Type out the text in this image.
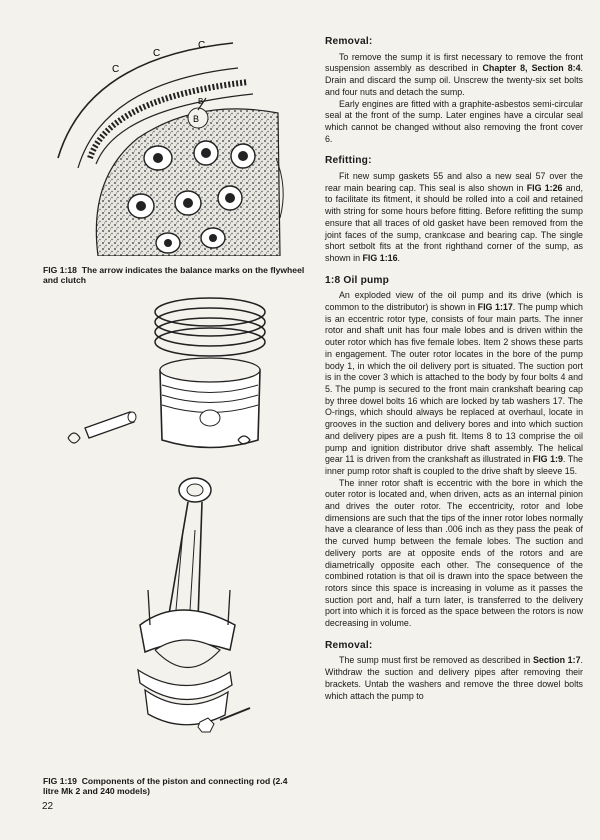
C
C
C
B
B
FIG 1:18 The arrow indicates the balance marks on the flywheel and clutch
FIG 1:19 Components of the piston and connecting rod (2.4 litre Mk 2 and 240 models)
Removal:

To remove the sump it is first necessary to remove the front suspension assembly as described in Chapter 8, Section 8:4. Drain and discard the sump oil. Unscrew the twenty-six set bolts and four nuts and detach the sump.

Early engines are fitted with a graphite-asbestos semi-circular seal at the front of the sump. Later engines have a circular seal which cannot be changed without also removing the front cover 6.

Refitting:

Fit new sump gaskets 55 and also a new seal 57 over the rear main bearing cap. This seal is also shown in FIG 1:26 and, to facilitate its fitment, it should be rolled into a coil and retained with string for some hours before fitting. Before refitting the sump ensure that all traces of old gasket have been removed from the joint faces of the sump, crankcase and bearing cap. The single short setbolt fits at the front righthand corner of the sump, as shown in FIG 1:16.

1:8 Oil pump

An exploded view of the oil pump and its drive (which is common to the distributor) is shown in FIG 1:17. The pump which is an eccentric rotor type, consists of four main parts. The inner rotor and shaft unit has four male lobes and is driven within the outer rotor which has five female lobes. Item 2 shows these parts in engagement. The outer rotor locates in the bore of the pump body 1, in which the oil delivery port is situated. The suction port is in the cover 3 which is attached to the body by four bolts 4 and 5. The pump is secured to the front main crankshaft bearing cap by three dowel bolts 16 which are locked by tab washers 17. The O-rings, which should always be replaced at overhaul, locate in grooves in the suction and delivery bores and into which suction and delivery pipes are a push fit. Items 8 to 13 comprise the oil pump and ignition distributor drive shaft assembly. The helical gear 11 is driven from the crankshaft as illustrated in FIG 1:9. The inner pump rotor shaft is coupled to the drive shaft by sleeve 15.

The inner rotor shaft is eccentric with the bore in which the outer rotor is located and, when driven, acts as an internal pinion and drives the outer rotor. The eccentricity, rotor and lobe dimensions are such that the tips of the inner rotor lobes normally have a clearance of less than .006 inch as they pass the peak of the curved hump between the female lobes. The suction and delivery ports are at opposite ends of the rotors and are diametrically opposite each other. The consequence of the combined rotation is that oil is drawn into the space between the rotors since this space is increasing in volume as it passes the suction port and, half a turn later, is transferred to the delivery port into which it is forced as the space between the rotors is now decreasing in volume.

Removal:

The sump must first be removed as described in Section 1:7. Withdraw the suction and delivery pipes after removing their brackets. Untab the washers and remove the three dowel bolts which attach the pump to

22
